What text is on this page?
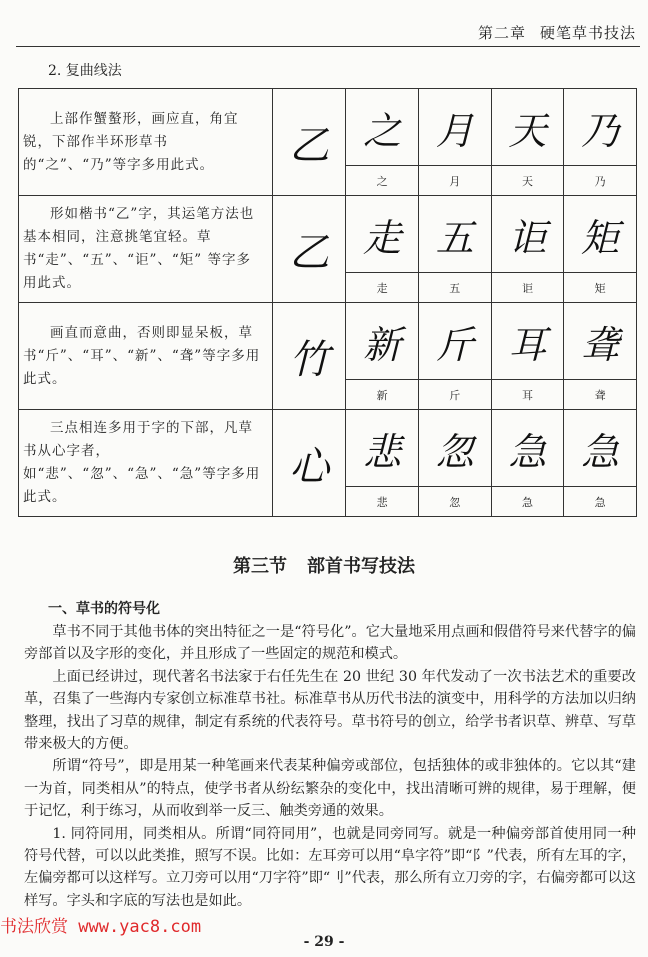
第二章 硬笔草书技法
2. 复曲线法

上部作蟹螯形，画应直，角宜锐，下部作半环形草书的“之”、“乃”等字多用此式。	乙	之	月	天	乃
		之	月	天	乃

形如楷书“乙”字，其运笔方法也基本相同，注意挑笔宜轻。草书“走”、“五”、“讵”、“矩” 等字多用此式。	乙	走	五	讵	矩
		走	五	讵	矩

画直而意曲，否则即显呆板，草书“斤”、“耳”、“新”、“聋”等字多用此式。	竹	新	斤	耳	聋
		新	斤	耳	聋

三点相连多用于字的下部，凡草书从心字者，如“悲”、“忽”、“急”、“急”等字多用此式。	心	悲	忽	急	急
		悲	忽	急	急
第三节 部首书写技法
一、草书的符号化

草书不同于其他书体的突出特征之一是“符号化”。它大量地采用点画和假借符号来代替字的偏旁部首以及字形的变化，并且形成了一些固定的规范和模式。

上面已经讲过，现代著名书法家于右任先生在 20 世纪 30 年代发动了一次书法艺术的重要改革，召集了一些海内专家创立标准草书社。标准草书从历代书法的演变中，用科学的方法加以归纳整理，找出了习草的规律，制定有系统的代表符号。草书符号的创立，给学书者识草、辨草、写草带来极大的方便。

所谓“符号”，即是用某一种笔画来代表某种偏旁或部位，包括独体的或非独体的。它以其“建一为首，同类相从”的特点，使学书者从纷纭繁杂的变化中，找出清晰可辨的规律，易于理解，便于记忆，利于练习，从而收到举一反三、触类旁通的效果。

1. 同符同用，同类相从。所谓“同符同用”，也就是同旁同写。就是一种偏旁部首使用同一种符号代替，可以以此类推，照写不误。比如：左耳旁可以用“阜字符”即“阝”代表，所有左耳的字，左偏旁都可以这样写。立刀旁可以用“刀字符”即“刂”代表，那么所有立刀旁的字，右偏旁都可以这样写。字头和字底的写法也是如此。

书法欣赏 www.yac8.com
- 29 -
